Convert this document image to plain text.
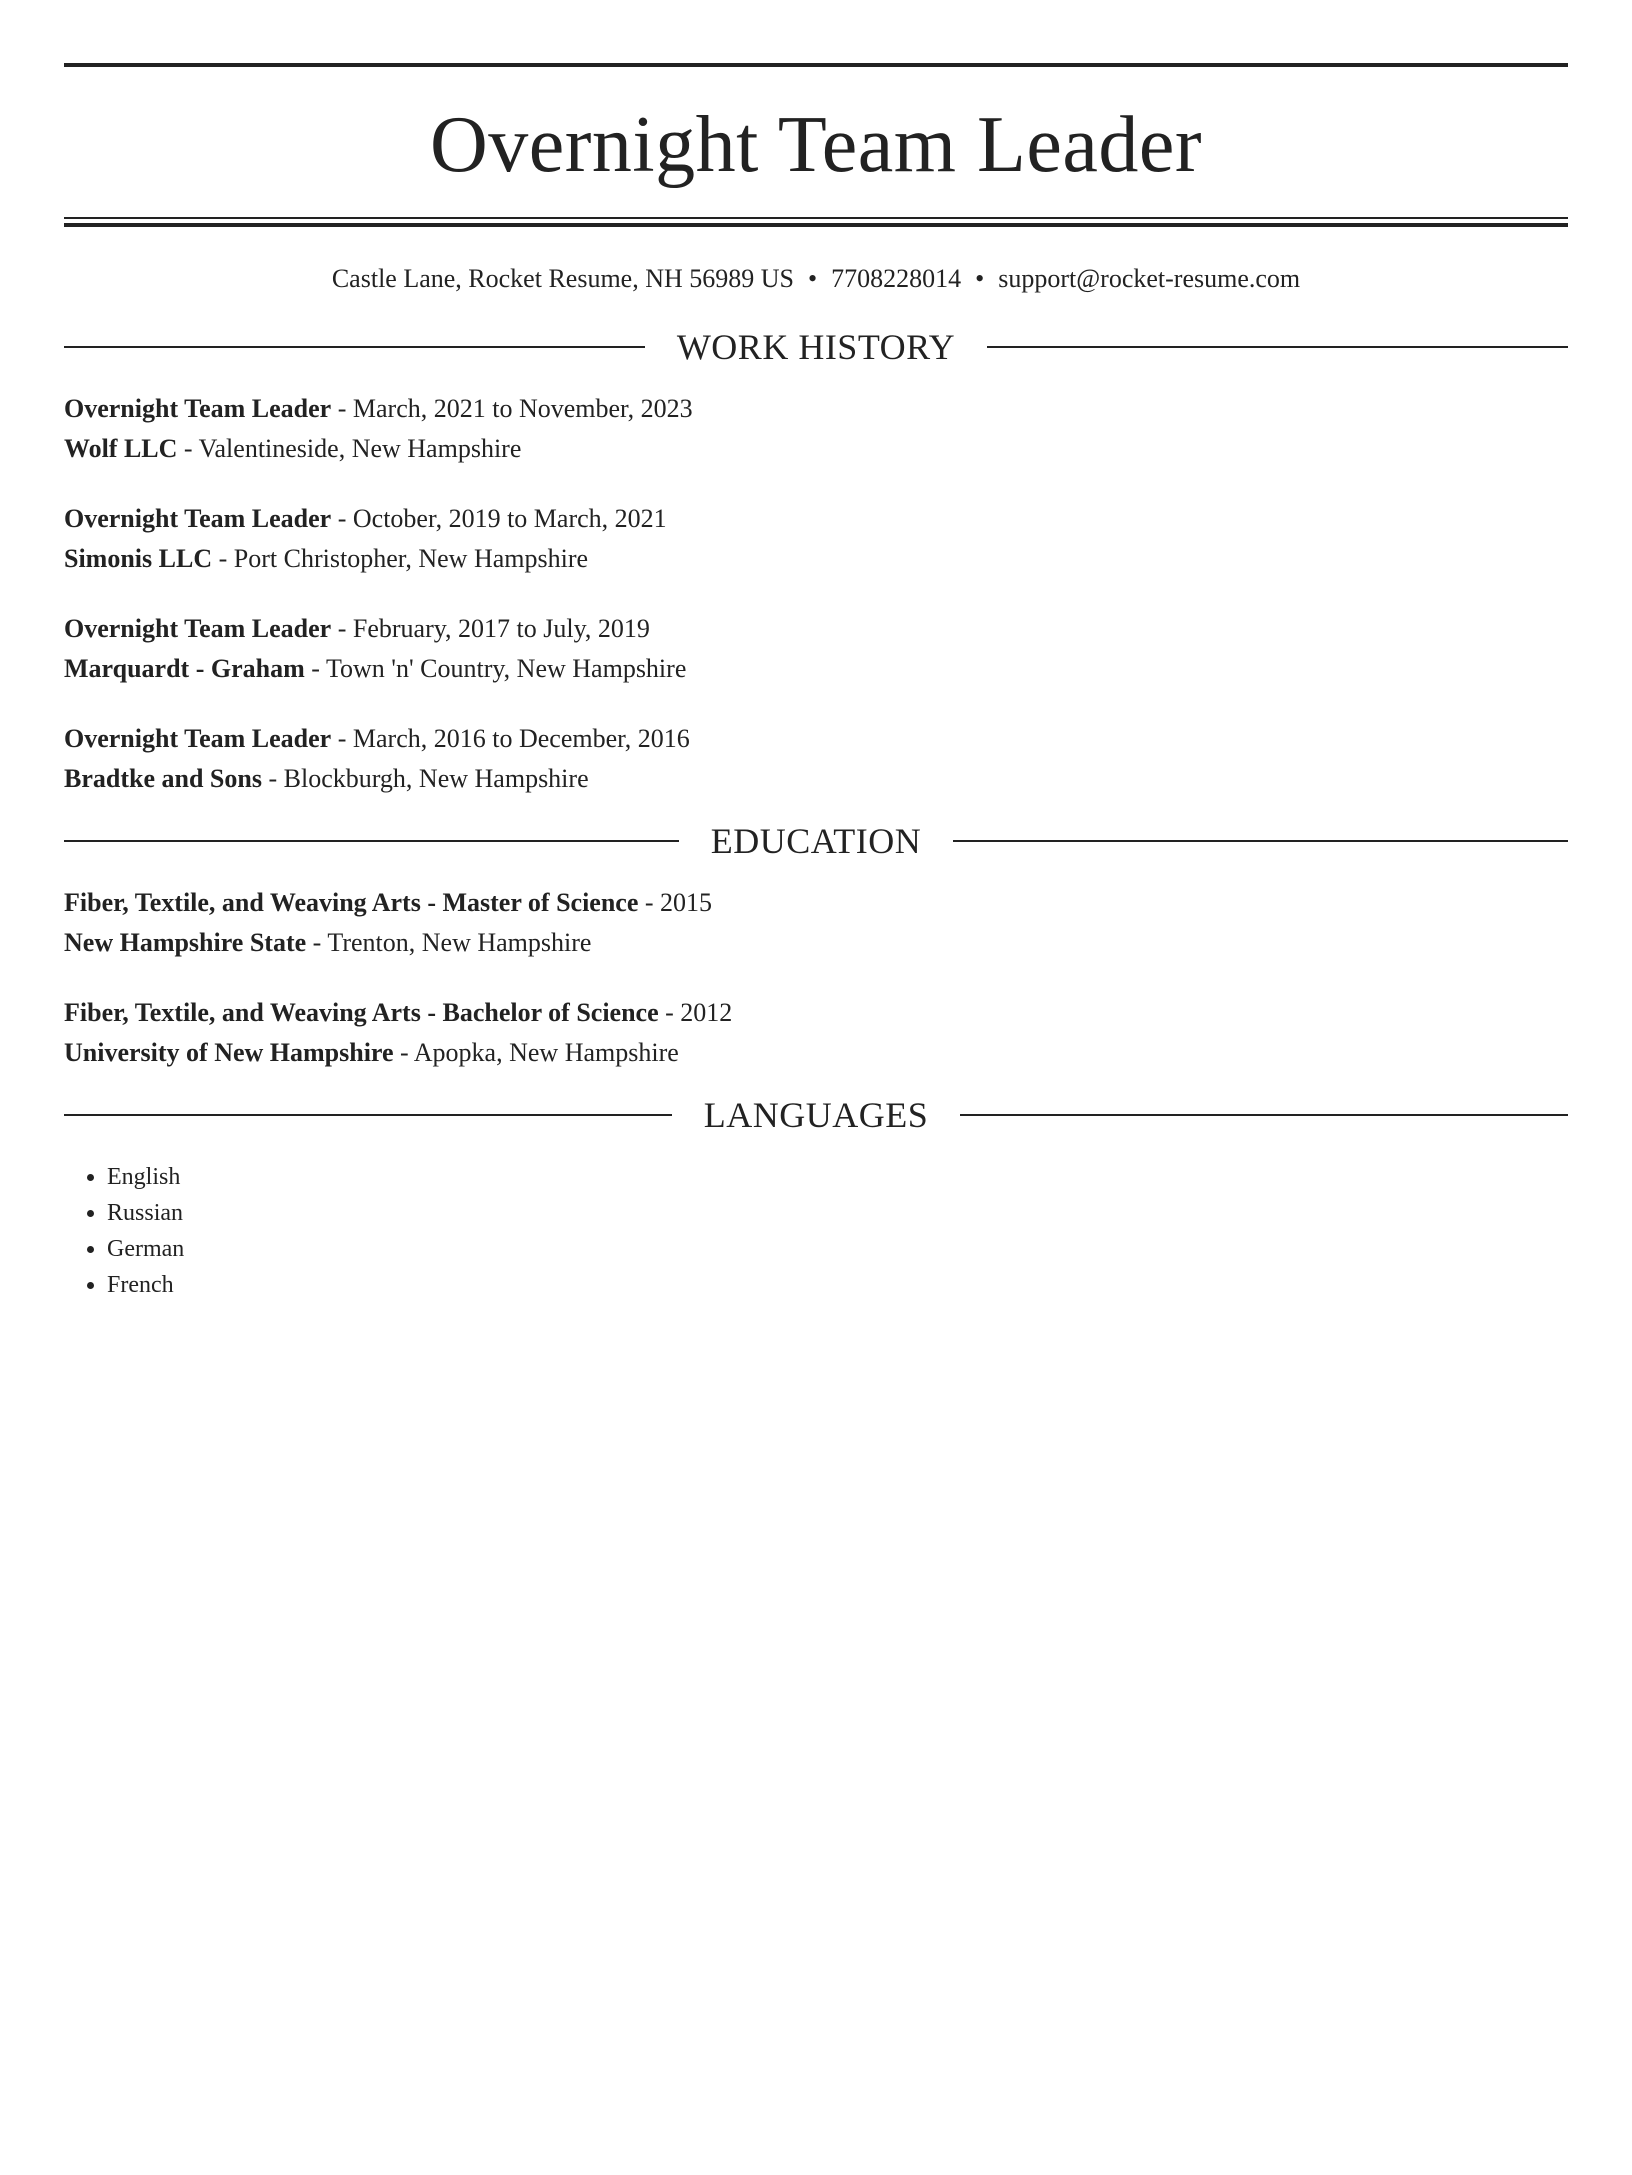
Overnight Team Leader
Castle Lane, Rocket Resume, NH 56989 US • 7708228014 • support@rocket-resume.com
WORK HISTORY
Overnight Team Leader - March, 2021 to November, 2023
Wolf LLC - Valentineside, New Hampshire
Overnight Team Leader - October, 2019 to March, 2021
Simonis LLC - Port Christopher, New Hampshire
Overnight Team Leader - February, 2017 to July, 2019
Marquardt - Graham - Town 'n' Country, New Hampshire
Overnight Team Leader - March, 2016 to December, 2016
Bradtke and Sons - Blockburgh, New Hampshire
EDUCATION
Fiber, Textile, and Weaving Arts - Master of Science - 2015
New Hampshire State - Trenton, New Hampshire
Fiber, Textile, and Weaving Arts - Bachelor of Science - 2012
University of New Hampshire - Apopka, New Hampshire
LANGUAGES
• English
• Russian
• German
• French
